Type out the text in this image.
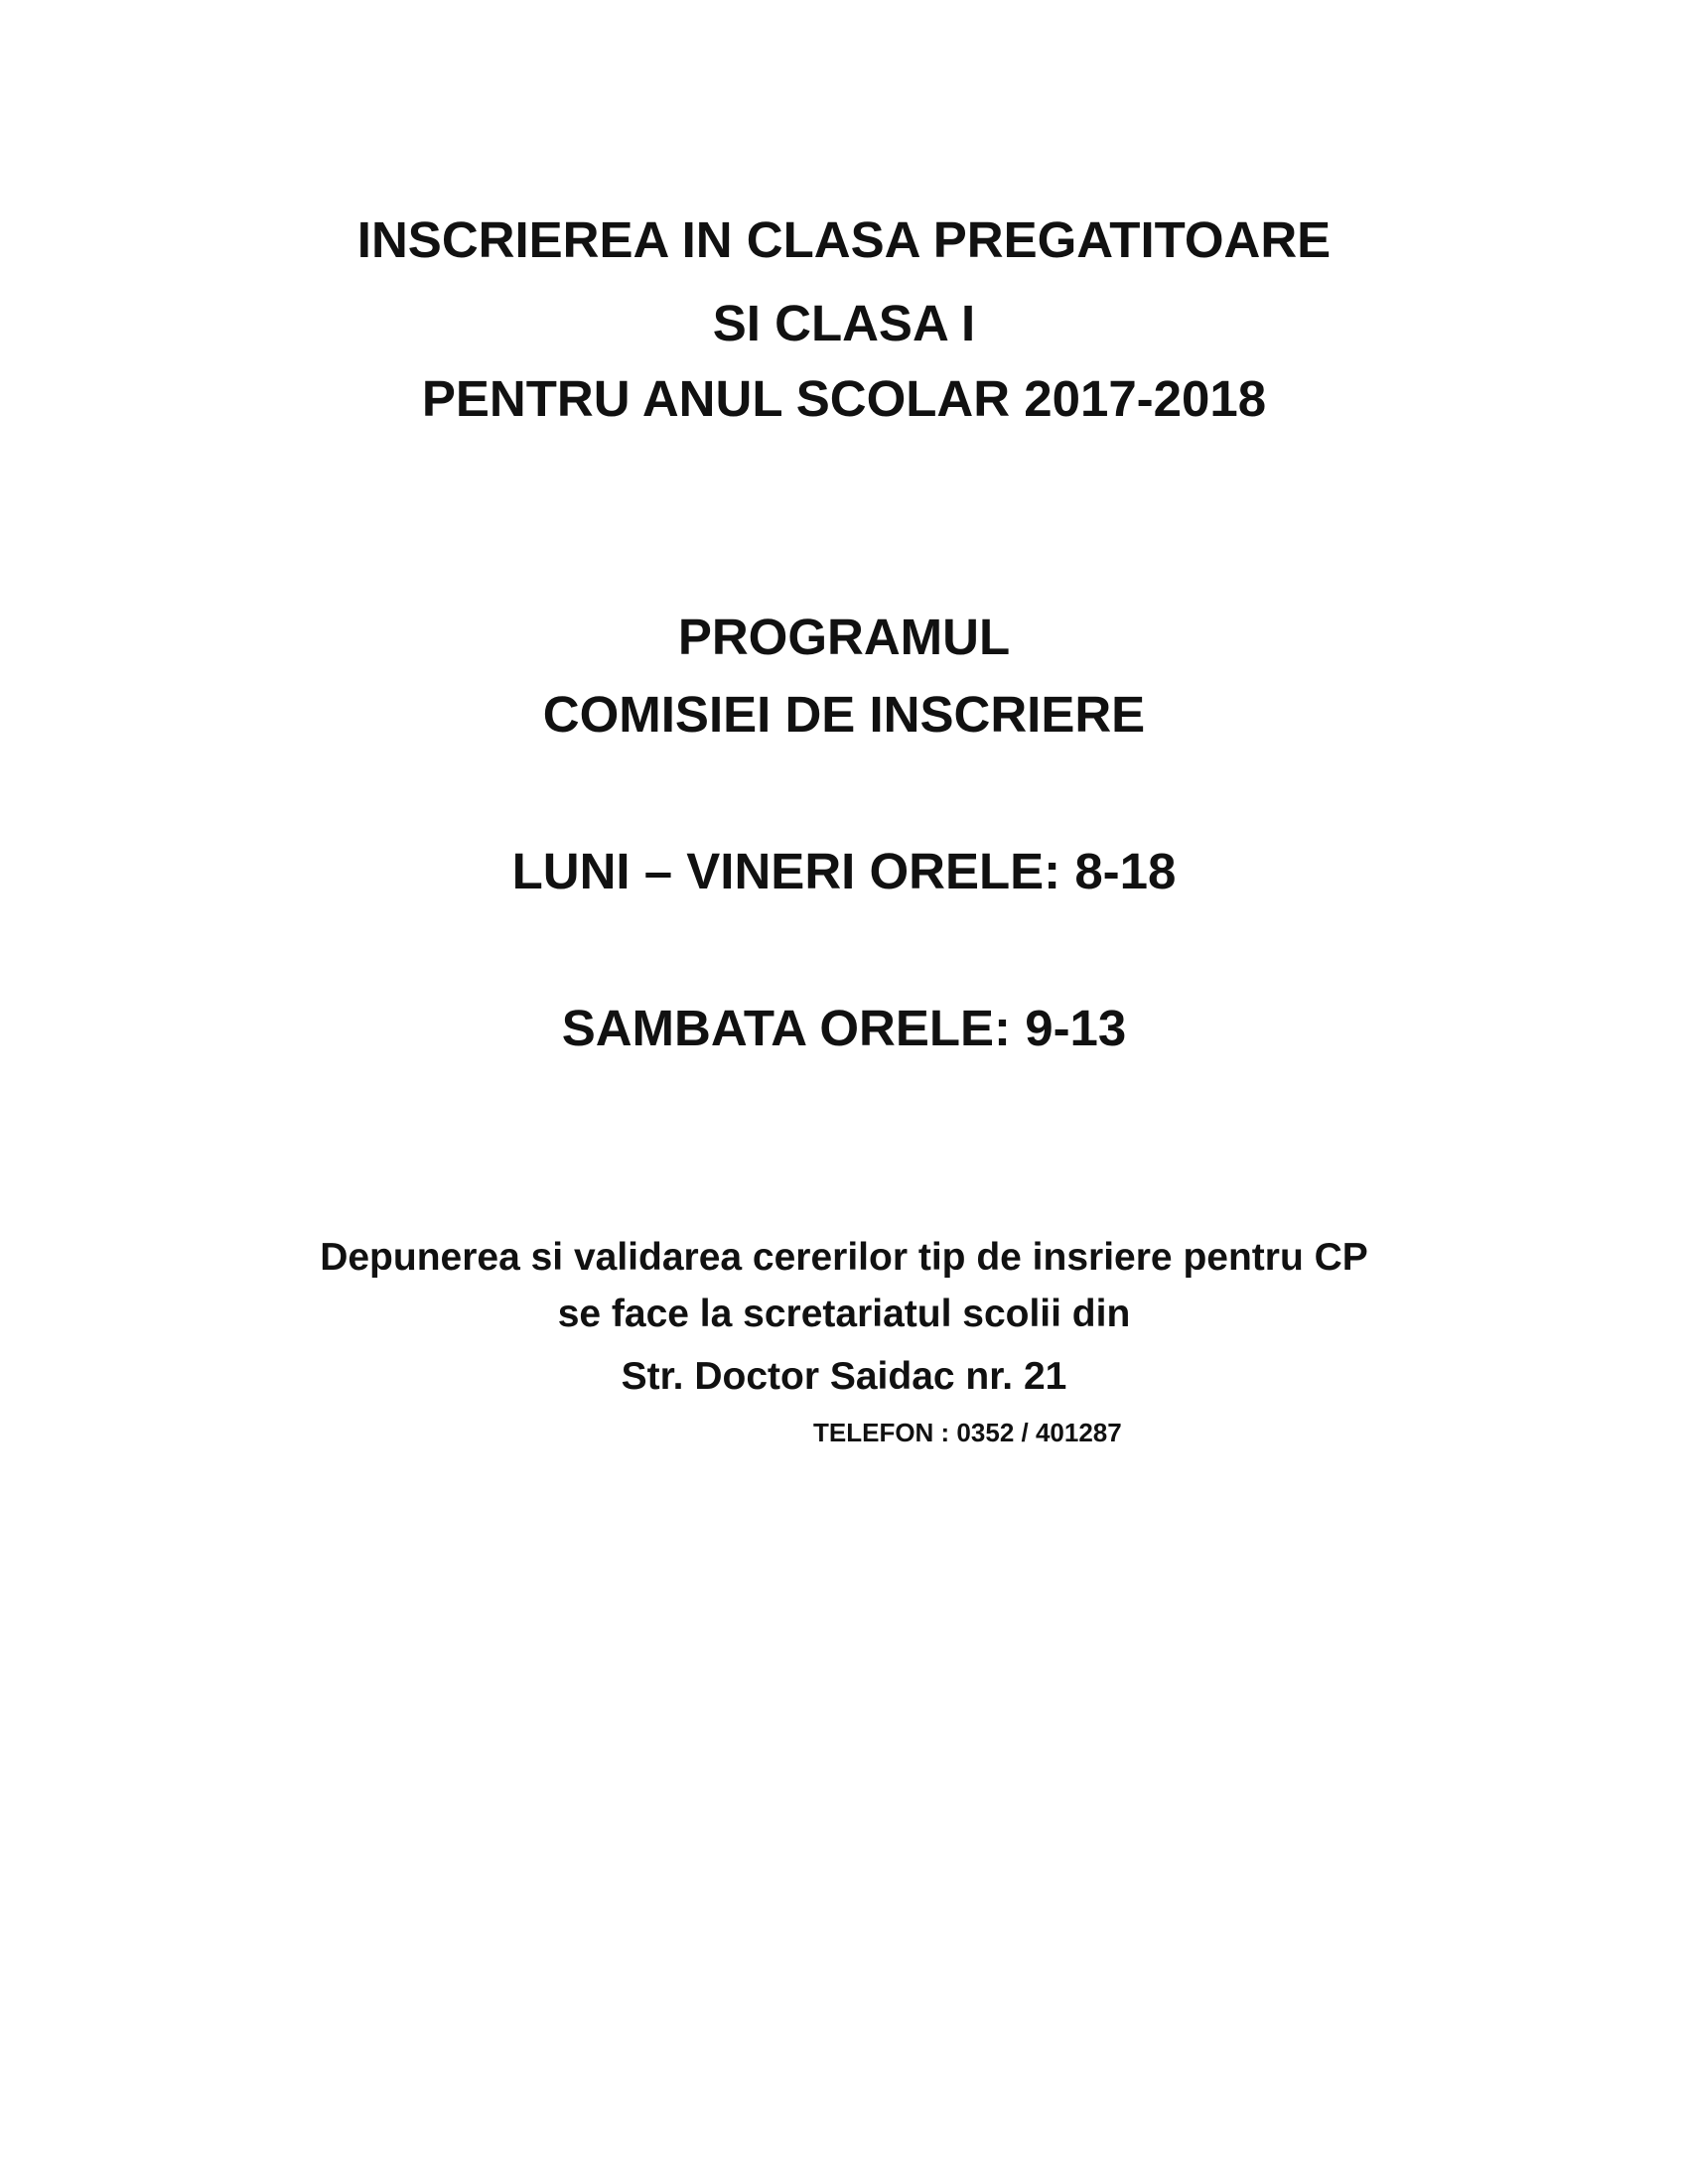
INSCRIEREA IN CLASA PREGATITOARE
SI CLASA I
PENTRU ANUL SCOLAR 2017-2018
PROGRAMUL
COMISIEI DE INSCRIERE
LUNI – VINERI ORELE: 8-18
SAMBATA ORELE: 9-13
Depunerea si validarea cererilor tip de insriere pentru CP
se face la scretariatul scolii din
Str. Doctor Saidac nr. 21
TELEFON : 0352 / 401287
